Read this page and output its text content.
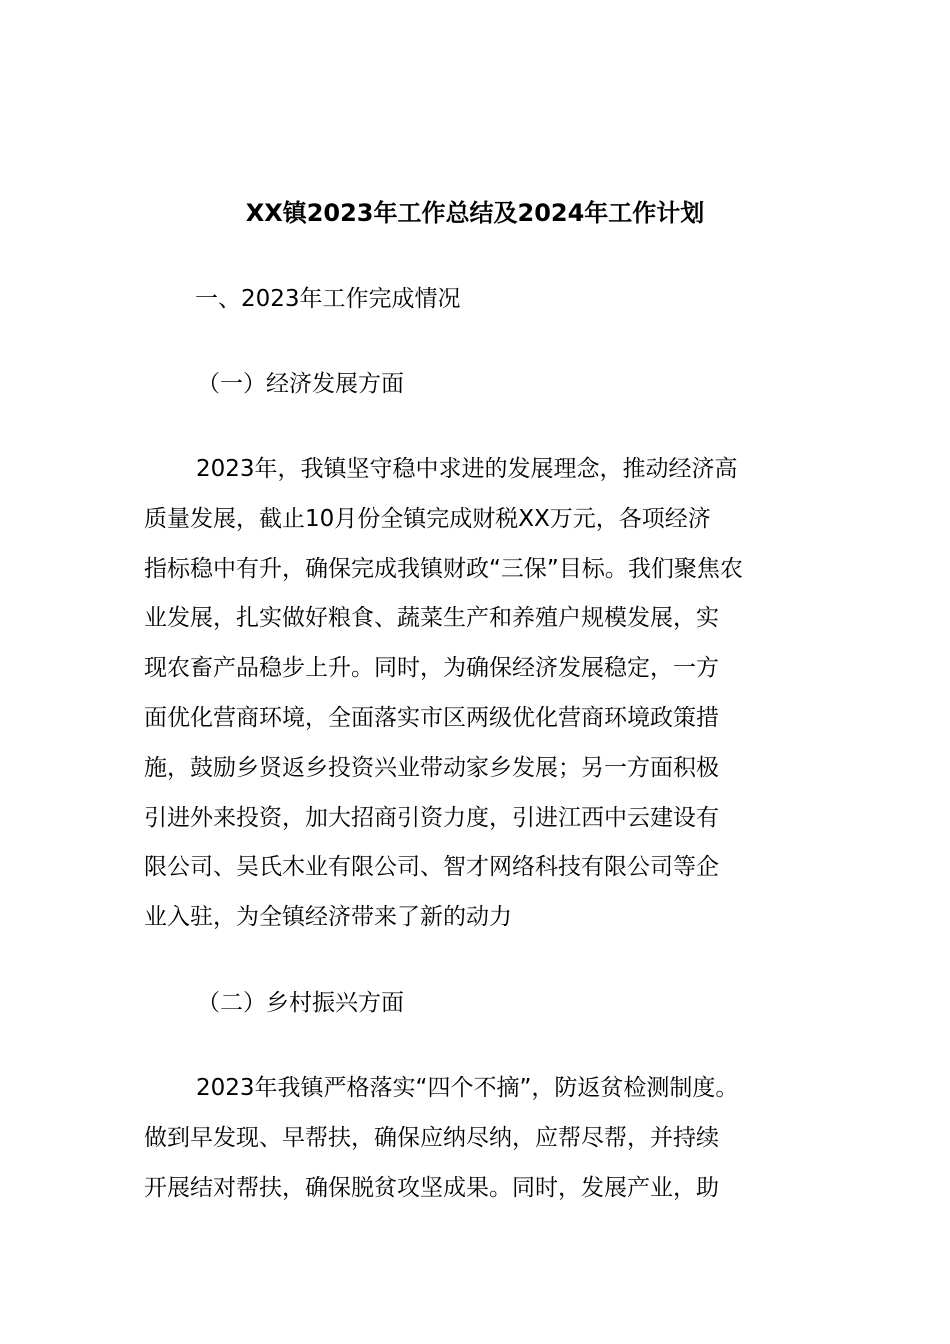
XX镇2023年工作总结及2024年工作计划
一、2023年工作完成情况
（一）经济发展方面
2023年，我镇坚守稳中求进的发展理念，推动经济高
质量发展，截止10月份全镇完成财税XX万元，各项经济
指标稳中有升，确保完成我镇财政“三保”目标。我们聚焦农
业发展，扎实做好粮食、蔬菜生产和养殖户规模发展，实
现农畜产品稳步上升。同时，为确保经济发展稳定，一方
面优化营商环境，全面落实市区两级优化营商环境政策措
施，鼓励乡贤返乡投资兴业带动家乡发展；另一方面积极
引进外来投资，加大招商引资力度，引进江西中云建设有
限公司、吴氏木业有限公司、智才网络科技有限公司等企
业入驻，为全镇经济带来了新的动力
（二）乡村振兴方面
2023年我镇严格落实“四个不摘”，防返贫检测制度。
做到早发现、早帮扶，确保应纳尽纳，应帮尽帮，并持续
开展结对帮扶，确保脱贫攻坚成果。同时，发展产业，助
